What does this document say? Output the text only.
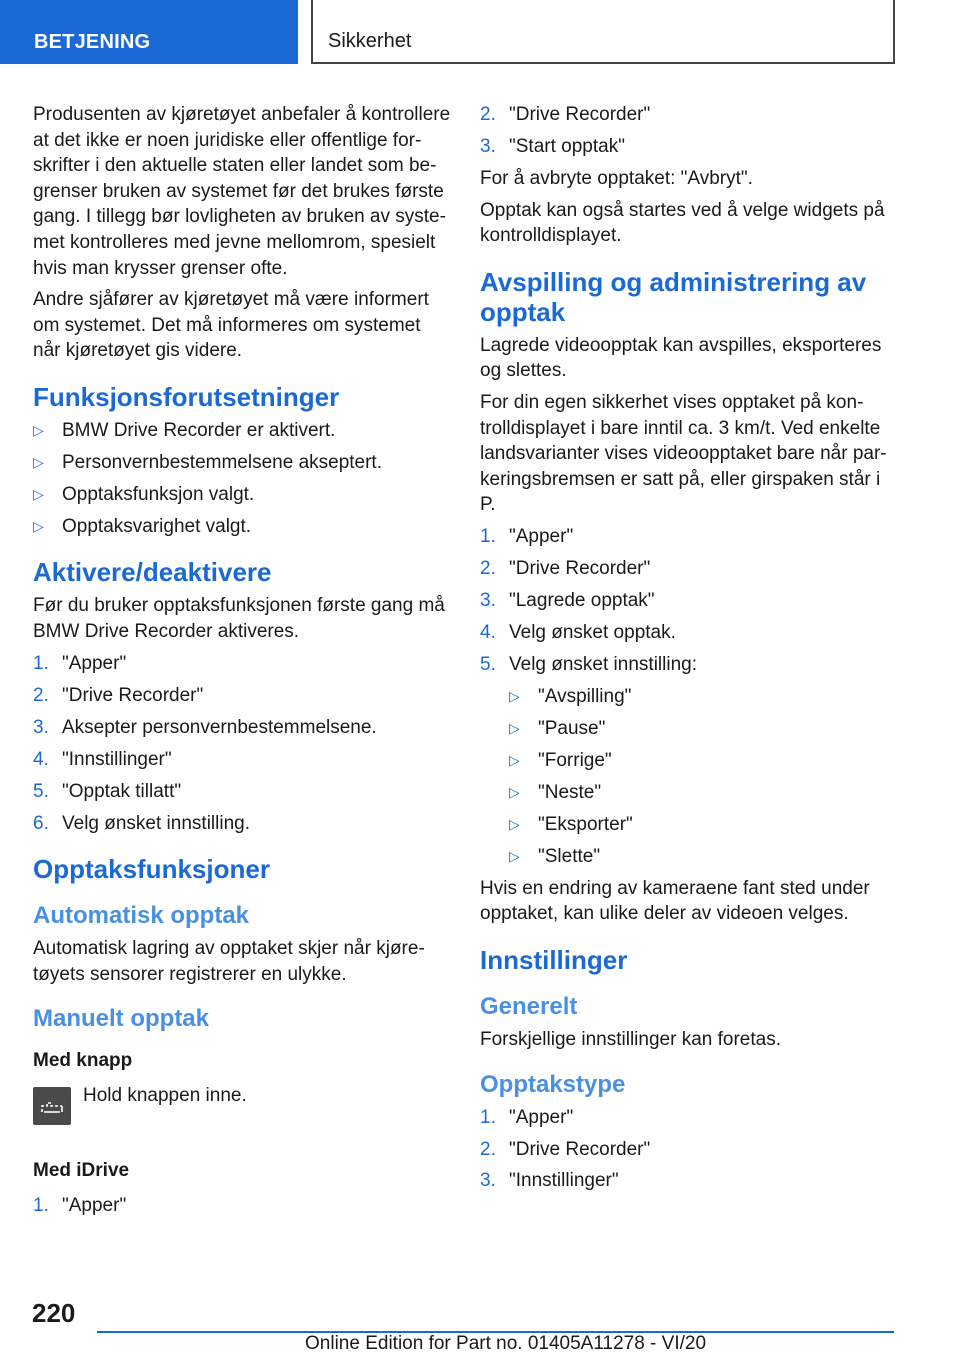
BETJENING	Sikkerhet

Produsenten av kjøretøyet anbefaler å kontrollere at det ikke er noen juridiske eller offentlige forskrifter i den aktuelle staten eller landet som begrenser bruken av systemet før det brukes første gang. I tillegg bør lovligheten av bruken av systemet kontrolleres med jevne mellomrom, spesielt hvis man krysser grenser ofte.

Andre sjåfører av kjøretøyet må være informert om systemet. Det må informeres om systemet når kjøretøyet gis videre.

Funksjonsforutsetninger
▷ BMW Drive Recorder er aktivert.
▷ Personvernbestemmelsene akseptert.
▷ Opptaksfunksjon valgt.
▷ Opptaksvarighet valgt.
Aktivere/deaktivere

Før du bruker opptaksfunksjonen første gang må BMW Drive Recorder aktiveres.

1. "Apper"
2. "Drive Recorder"
3. Aksepter personvernbestemmelsene.
4. "Innstillinger"
5. "Opptak tillatt"
6. Velg ønsket innstilling.
Opptaksfunksjoner
Automatisk opptak

Automatisk lagring av opptaket skjer når kjøretøyets sensorer registrerer en ulykke.

Manuelt opptak
Med knapp
Hold knappen inne.
Med iDrive
1. "Apper"
2. "Drive Recorder"
3. "Start opptak"

For å avbryte opptaket: "Avbryt".

Opptak kan også startes ved å velge widgets på kontrolldisplayet.

Avspilling og administrering av opptak

Lagrede videoopptak kan avspilles, eksporteres og slettes.

For din egen sikkerhet vises opptaket på kontrolldisplayet i bare inntil ca. 3 km/t. Ved enkelte landsvarianter vises videoopptaket bare når parkeringsbremsen er satt på, eller girspaken står i P.

1. "Apper"
2. "Drive Recorder"
3. "Lagrede opptak"
4. Velg ønsket opptak.
5. Velg ønsket innstilling:
▷ "Avspilling"
▷ "Pause"
▷ "Forrige"
▷ "Neste"
▷ "Eksporter"
▷ "Slette"

Hvis en endring av kameraene fant sted under opptaket, kan ulike deler av videoen velges.

Innstillinger
Generelt

Forskjellige innstillinger kan foretas.

Opptakstype
1. "Apper"
2. "Drive Recorder"
3. "Innstillinger"
220
Online Edition for Part no. 01405A11278 - VI/20
